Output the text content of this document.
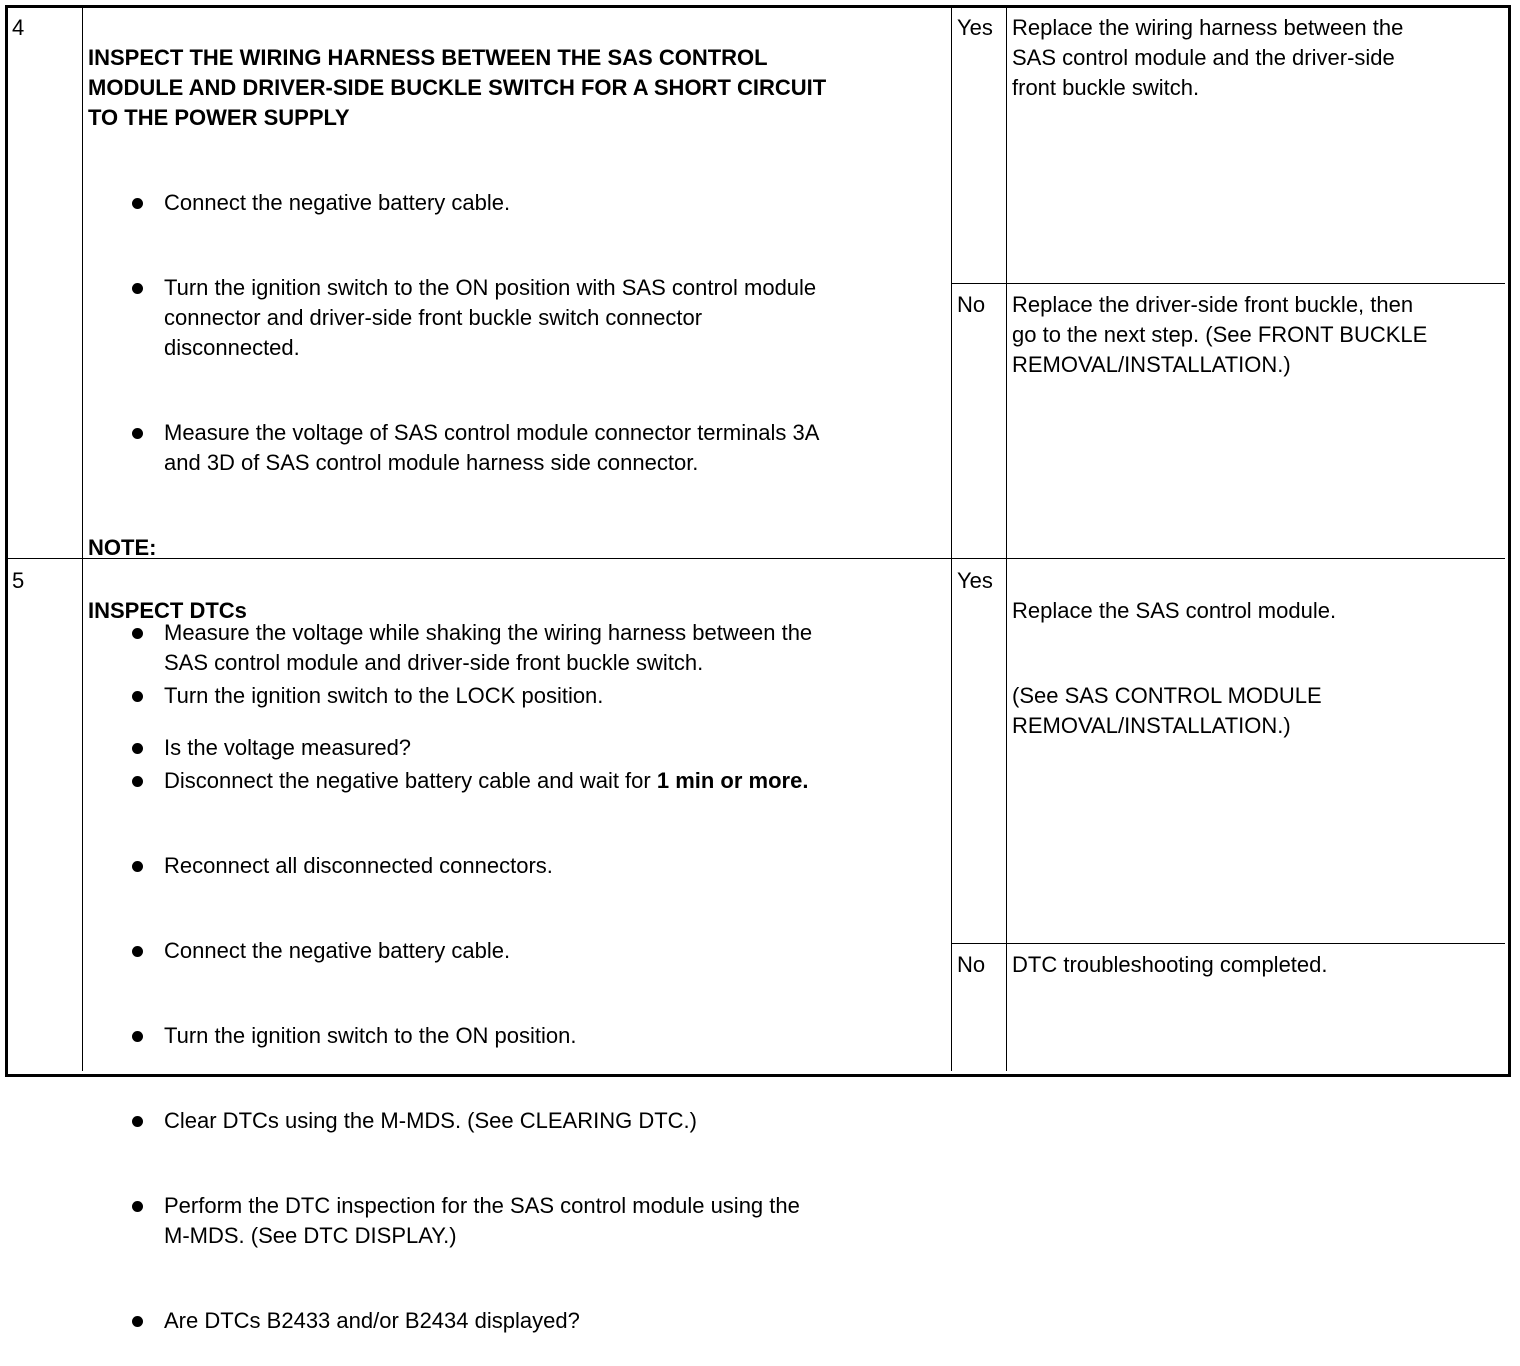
4

INSPECT THE WIRING HARNESS BETWEEN THE SAS CONTROL
MODULE AND DRIVER-SIDE BUCKLE SWITCH FOR A SHORT CIRCUIT
TO THE POWER SUPPLY

Connect the negative battery cable.

Turn the ignition switch to the ON position with SAS control module
connector and driver-side front buckle switch connector
disconnected.

Measure the voltage of SAS control module connector terminals 3A
and 3D of SAS control module harness side connector.

NOTE:

Measure the voltage while shaking the wiring harness between the
SAS control module and driver-side front buckle switch.

Is the voltage measured?

Yes Replace the wiring harness between the
SAS control module and the driver-side
front buckle switch.
No Replace the driver-side front buckle, then
go to the next step. (See FRONT BUCKLE
REMOVAL/INSTALLATION.)
5

INSPECT DTCs

Turn the ignition switch to the LOCK position.

Disconnect the negative battery cable and wait for 1 min or more.

Reconnect all disconnected connectors.

Connect the negative battery cable.

Turn the ignition switch to the ON position.

Clear DTCs using the M-MDS. (See CLEARING DTC.)

Perform the DTC inspection for the SAS control module using the
M-MDS. (See DTC DISPLAY.)

Are DTCs B2433 and/or B2434 displayed?

Yes

Replace the SAS control module.

(See SAS CONTROL MODULE
REMOVAL/INSTALLATION.)

No DTC troubleshooting completed.
